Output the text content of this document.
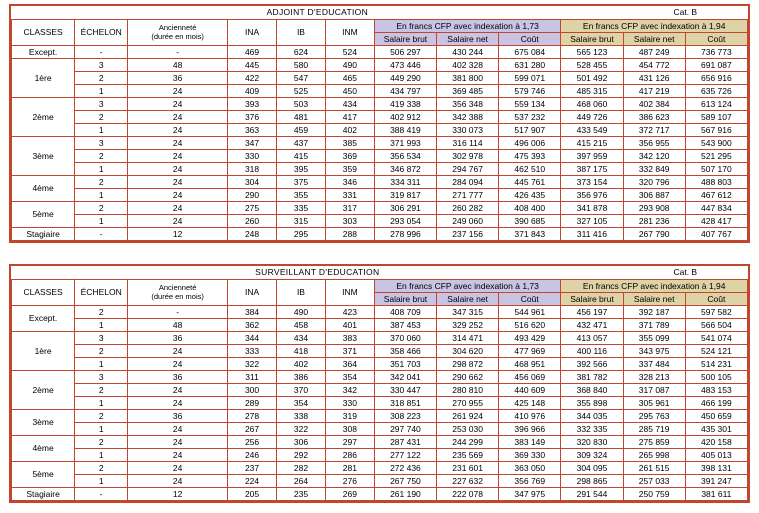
ADJOINT D'EDUCATION										Cat. B	
CLASSES	ÉCHELON	Ancienneté
(durée en mois)	INA	IB	INM	En francs CFP avec indexation à 1,73			En francs CFP avec indexation à 1,94		
						Salaire brut	Salaire net	Coût	Salaire brut	Salaire net	Coût
Except.	-	-	469	624	524	506 297	430 244	675 084	565 123	487 249	736 773
1ère	3	48	445	580	490	473 446	402 328	631 280	528 455	454 772	691 087
	2	36	422	547	465	449 290	381 800	599 071	501 492	431 126	656 916
	1	24	409	525	450	434 797	369 485	579 746	485 315	417 219	635 726
2ème	3	24	393	503	434	419 338	356 348	559 134	468 060	402 384	613 124
	2	24	376	481	417	402 912	342 388	537 232	449 726	386 623	589 107
	1	24	363	459	402	388 419	330 073	517 907	433 549	372 717	567 916
3ème	3	24	347	437	385	371 993	316 114	496 006	415 215	356 955	543 900
	2	24	330	415	369	356 534	302 978	475 393	397 959	342 120	521 295
	1	24	318	395	359	346 872	294 767	462 510	387 175	332 849	507 170
4ème	2	24	304	375	346	334 311	284 094	445 761	373 154	320 796	488 803
	1	24	290	355	331	319 817	271 777	426 435	356 976	306 887	467 612
5ème	2	24	275	335	317	306 291	260 282	408 400	341 878	293 908	447 834
	1	24	260	315	303	293 054	249 060	390 685	327 105	281 236	428 417
Stagiaire	-	12	248	295	288	278 996	237 156	371 843	311 416	267 790	407 767
SURVEILLANT D'EDUCATION										Cat. B	
CLASSES	ÉCHELON	Ancienneté
(durée en mois)	INA	IB	INM	En francs CFP avec indexation à 1,73			En francs CFP avec indexation à 1,94		
						Salaire brut	Salaire net	Coût	Salaire brut	Salaire net	Coût
Except.	2	-	384	490	423	408 709	347 315	544 961	456 197	392 187	597 582
	1	48	362	458	401	387 453	329 252	516 620	432 471	371 789	566 504
1ère	3	36	344	434	383	370 060	314 471	493 429	413 057	355 099	541 074
	2	24	333	418	371	358 466	304 620	477 969	400 116	343 975	524 121
	1	24	322	402	364	351 703	298 872	468 951	392 566	337 484	514 231
2ème	3	36	311	386	354	342 041	290 662	456 069	381 782	328 213	500 105
	2	24	300	370	342	330 447	280 810	440 609	368 840	317 087	483 153
	1	24	289	354	330	318 851	270 955	425 148	355 898	305 961	466 199
3ème	2	36	278	338	319	308 223	261 924	410 976	344 035	295 763	450 659
	1	24	267	322	308	297 740	253 030	396 966	332 335	285 719	435 301
4ème	2	24	256	306	297	287 431	244 299	383 149	320 830	275 859	420 158
	1	24	246	292	286	277 122	235 569	369 330	309 324	265 998	405 013
5ème	2	24	237	282	281	272 436	231 601	363 050	304 095	261 515	398 131
	1	24	224	264	276	267 750	227 632	356 769	298 865	257 033	391 247
Stagiaire	-	12	205	235	269	261 190	222 078	347 975	291 544	250 759	381 611
